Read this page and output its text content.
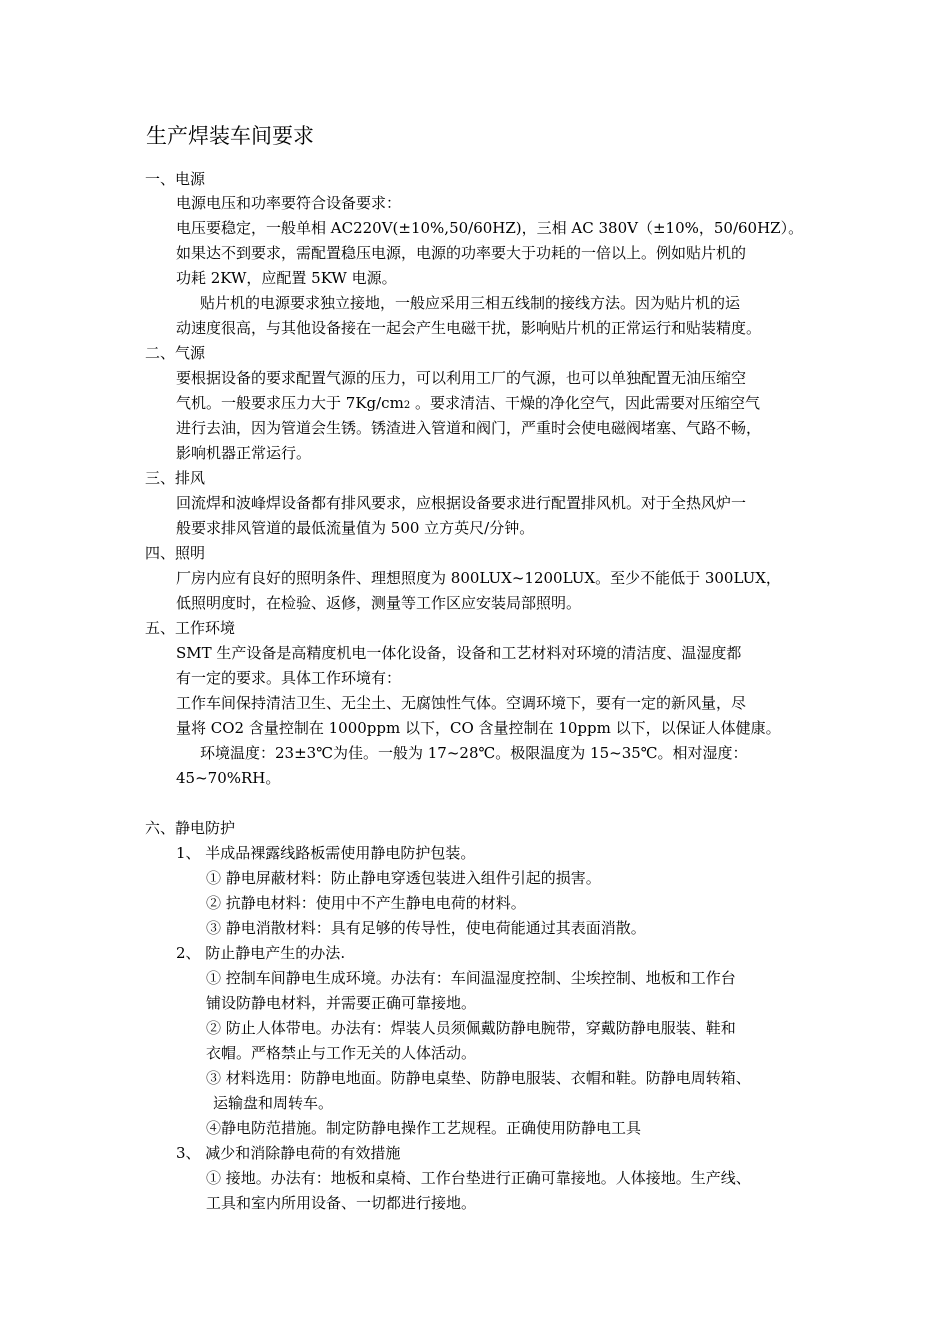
生产焊装车间要求
一、电源
电源电压和功率要符合设备要求：
电压要稳定，一般单相 AC220V(±10%,50/60HZ)，三相 AC 380V（±10%，50/60HZ）。
如果达不到要求，需配置稳压电源，电源的功率要大于功耗的一倍以上。例如贴片机的
功耗 2KW，应配置 5KW 电源。
贴片机的电源要求独立接地，一般应采用三相五线制的接线方法。因为贴片机的运
动速度很高，与其他设备接在一起会产生电磁干扰，影响贴片机的正常运行和贴装精度。
二、气源
要根据设备的要求配置气源的压力，可以利用工厂的气源，也可以单独配置无油压缩空
气机。一般要求压力大于 7Kg/cm2 。要求清洁、干燥的净化空气，因此需要对压缩空气
进行去油，因为管道会生锈。锈渣进入管道和阀门，严重时会使电磁阀堵塞、气路不畅，
影响机器正常运行。
三、排风
回流焊和波峰焊设备都有排风要求，应根据设备要求进行配置排风机。对于全热风炉一
般要求排风管道的最低流量值为 500 立方英尺/分钟。
四、照明
厂房内应有良好的照明条件、理想照度为 800LUX~1200LUX。至少不能低于 300LUX，
低照明度时，在检验、返修，测量等工作区应安装局部照明。
五、工作环境
SMT 生产设备是高精度机电一体化设备，设备和工艺材料对环境的清洁度、温湿度都
有一定的要求。具体工作环境有：
工作车间保持清洁卫生、无尘土、无腐蚀性气体。空调环境下，要有一定的新风量，尽
量将 CO2 含量控制在 1000ppm 以下，CO 含量控制在 10ppm 以下，以保证人体健康。
环境温度：23±3℃为佳。一般为 17~28℃。极限温度为 15~35℃。相对湿度：
45~70%RH。
六、静电防护
1、 半成品裸露线路板需使用静电防护包装。
① 静电屏蔽材料：防止静电穿透包装进入组件引起的损害。
② 抗静电材料：使用中不产生静电电荷的材料。
③ 静电消散材料：具有足够的传导性，使电荷能通过其表面消散。
2、 防止静电产生的办法.
① 控制车间静电生成环境。办法有：车间温湿度控制、尘埃控制、地板和工作台
铺设防静电材料，并需要正确可靠接地。
② 防止人体带电。办法有：焊装人员须佩戴防静电腕带，穿戴防静电服装、鞋和
衣帽。严格禁止与工作无关的人体活动。
③ 材料选用：防静电地面。防静电桌垫、防静电服装、衣帽和鞋。防静电周转箱、
运输盘和周转车。
④静电防范措施。制定防静电操作工艺规程。正确使用防静电工具
3、 减少和消除静电荷的有效措施
① 接地。办法有：地板和桌椅、工作台垫进行正确可靠接地。人体接地。生产线、
工具和室内所用设备、一切都进行接地。
